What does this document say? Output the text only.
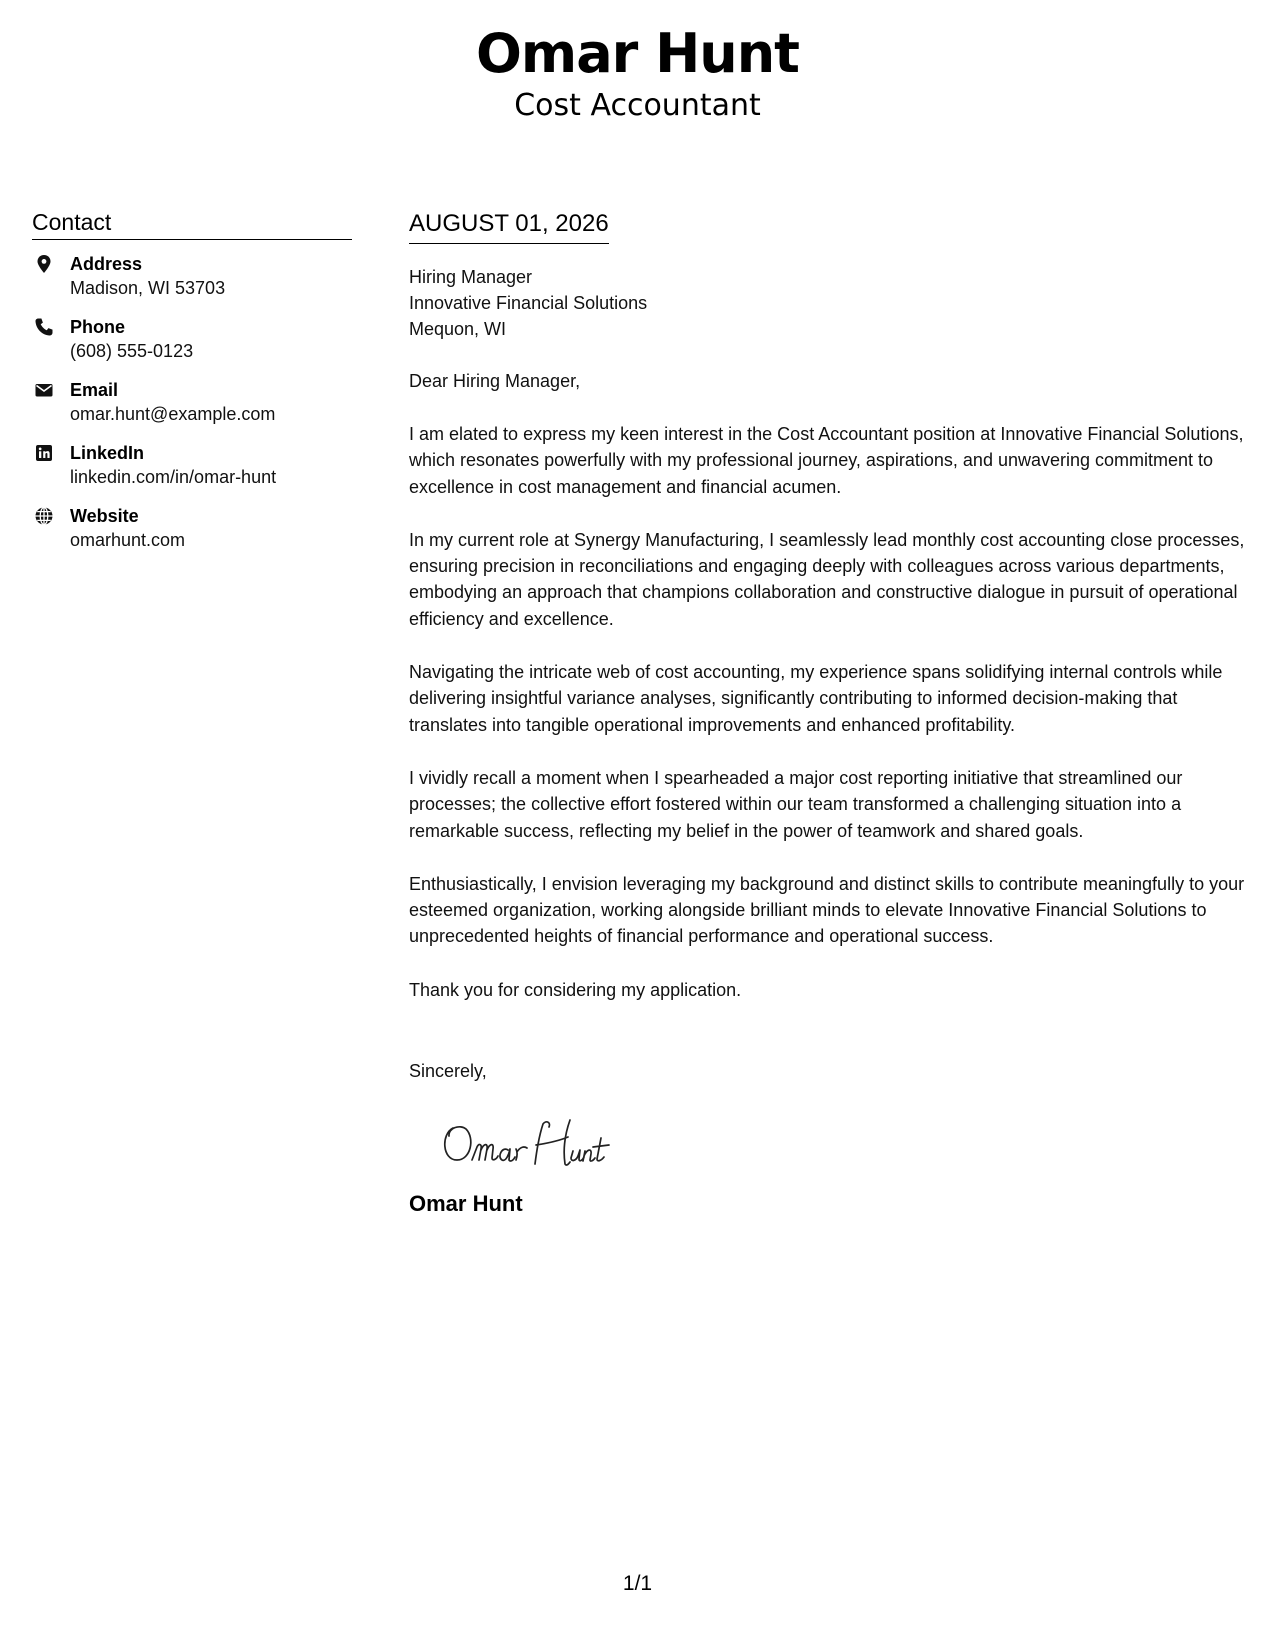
Omar Hunt
Cost Accountant
Contact
Address
Madison, WI 53703
Phone
(608) 555-0123
Email
omar.hunt@example.com
LinkedIn
linkedin.com/in/omar-hunt
Website
omarhunt.com
AUGUST 01, 2026
Hiring Manager
Innovative Financial Solutions
Mequon, WI
Dear Hiring Manager,
I am elated to express my keen interest in the Cost Accountant position at Innovative Financial Solutions, which resonates powerfully with my professional journey, aspirations, and unwavering commitment to excellence in cost management and financial acumen.
In my current role at Synergy Manufacturing, I seamlessly lead monthly cost accounting close processes, ensuring precision in reconciliations and engaging deeply with colleagues across various departments, embodying an approach that champions collaboration and constructive dialogue in pursuit of operational efficiency and excellence.
Navigating the intricate web of cost accounting, my experience spans solidifying internal controls while delivering insightful variance analyses, significantly contributing to informed decision-making that translates into tangible operational improvements and enhanced profitability.
I vividly recall a moment when I spearheaded a major cost reporting initiative that streamlined our processes; the collective effort fostered within our team transformed a challenging situation into a remarkable success, reflecting my belief in the power of teamwork and shared goals.
Enthusiastically, I envision leveraging my background and distinct skills to contribute meaningfully to your esteemed organization, working alongside brilliant minds to elevate Innovative Financial Solutions to unprecedented heights of financial performance and operational success.
Thank you for considering my application.
Sincerely,
Omar Hunt
1/1
